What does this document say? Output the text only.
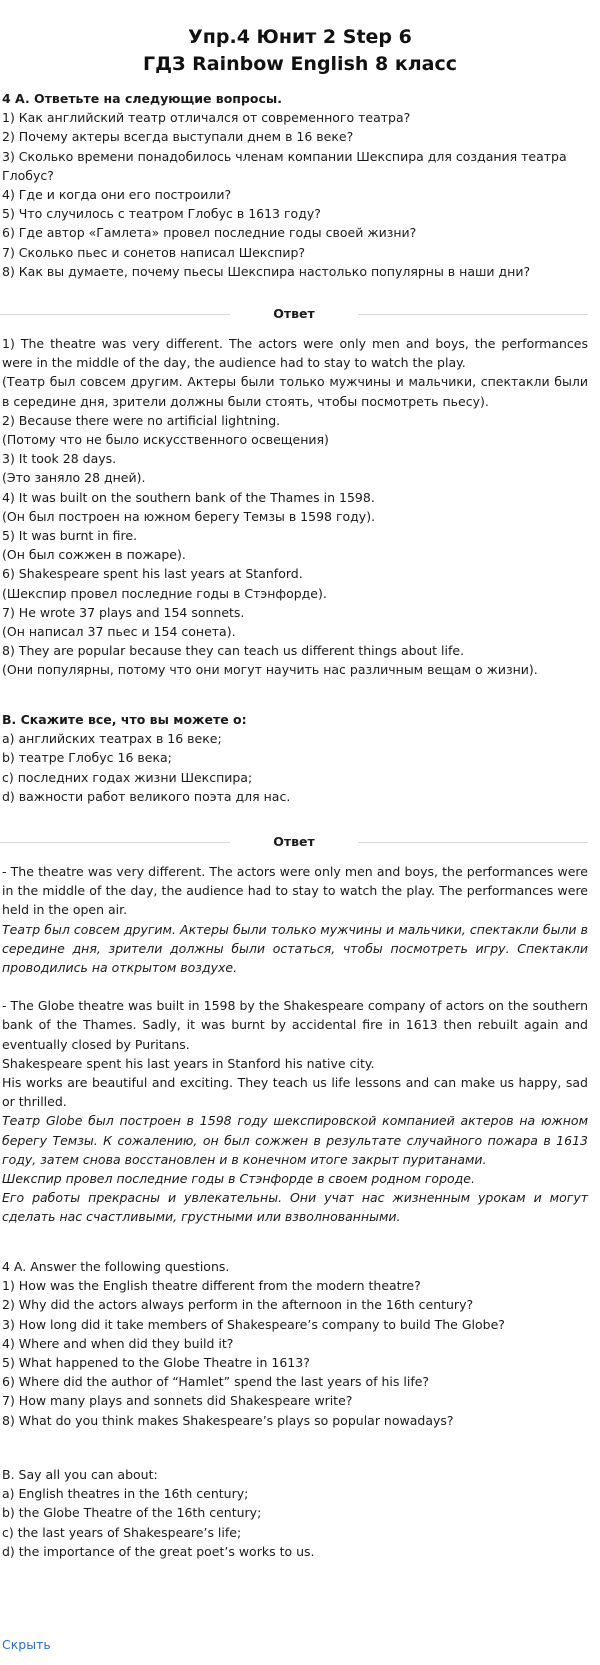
Упр.4 Юнит 2 Step 6

ГДЗ Rainbow English 8 класс

4 A. Ответьте на следующие вопросы.

1) Как английский театр отличался от современного театра?

2) Почему актеры всегда выступали днем в 16 веке?

3) Сколько времени понадобилось членам компании Шекспира для создания театра Глобус?

4) Где и когда они его построили?

5) Что случилось с театром Глобус в 1613 году?

6) Где автор «Гамлета» провел последние годы своей жизни?

7) Сколько пьес и сонетов написал Шекспир?

8) Как вы думаете, почему пьесы Шекспира настолько популярны в наши дни?

Ответ

1) The theatre was very different. The actors were only men and boys, the performances were in the middle of the day, the audience had to stay to watch the play.

(Театр был совсем другим. Актеры были только мужчины и мальчики, спектакли были в середине дня, зрители должны были стоять, чтобы посмотреть пьесу).

2) Because there were no artificial lightning.

(Потому что не было искусственного освещения)

3) It took 28 days.

(Это заняло 28 дней).

4) It was built on the southern bank of the Thames in 1598.

(Он был построен на южном берегу Темзы в 1598 году).

5) It was burnt in fire.

(Он был сожжен в пожаре).

6) Shakespeare spent his last years at Stanford.

(Шекспир провел последние годы в Стэнфорде).

7) He wrote 37 plays and 154 sonnets.

(Он написал 37 пьес и 154 сонета).

8) They are popular because they can teach us different things about life.

(Они популярны, потому что они могут научить нас различным вещам о жизни).

B. Скажите все, что вы можете о:

a) английских театрах в 16 веке;

b) театре Глобус 16 века;

c) последних годах жизни Шекспира;

d) важности работ великого поэта для нас.

Ответ

- The theatre was very different. The actors were only men and boys, the performances were in the middle of the day, the audience had to stay to watch the play. The performances were held in the open air.

Театр был совсем другим. Актеры были только мужчины и мальчики, спектакли были в середине дня, зрители должны были остаться, чтобы посмотреть игру. Спектакли проводились на открытом воздухе.

- The Globe theatre was built in 1598 by the Shakespeare company of actors on the southern bank of the Thames. Sadly, it was burnt by accidental fire in 1613 then rebuilt again and eventually closed by Puritans.

Shakespeare spent his last years in Stanford his native city.

His works are beautiful and exciting. They teach us life lessons and can make us happy, sad or thrilled.

Театр Globe был построен в 1598 году шекспировской компанией актеров на южном берегу Темзы. К сожалению, он был сожжен в результате случайного пожара в 1613 году, затем снова восстановлен и в конечном итоге закрыт пуританами.

Шекспир провел последние годы в Стэнфорде в своем родном городе.

Его работы прекрасны и увлекательны. Они учат нас жизненным урокам и могут сделать нас счастливыми, грустными или взволнованными.

4 A. Answer the following questions.

1) How was the English theatre different from the modern theatre?

2) Why did the actors always perform in the afternoon in the 16th century?

3) How long did it take members of Shakespeare’s company to build The Globe?

4) Where and when did they build it?

5) What happened to the Globe Theatre in 1613?

6) Where did the author of “Hamlet” spend the last years of his life?

7) How many plays and sonnets did Shakespeare write?

8) What do you think makes Shakespeare’s plays so popular nowadays?

B. Say all you can about:

a) English theatres in the 16th century;

b) the Globe Theatre of the 16th century;

c) the last years of Shakespeare’s life;

d) the importance of the great poet’s works to us.

Скрыть
